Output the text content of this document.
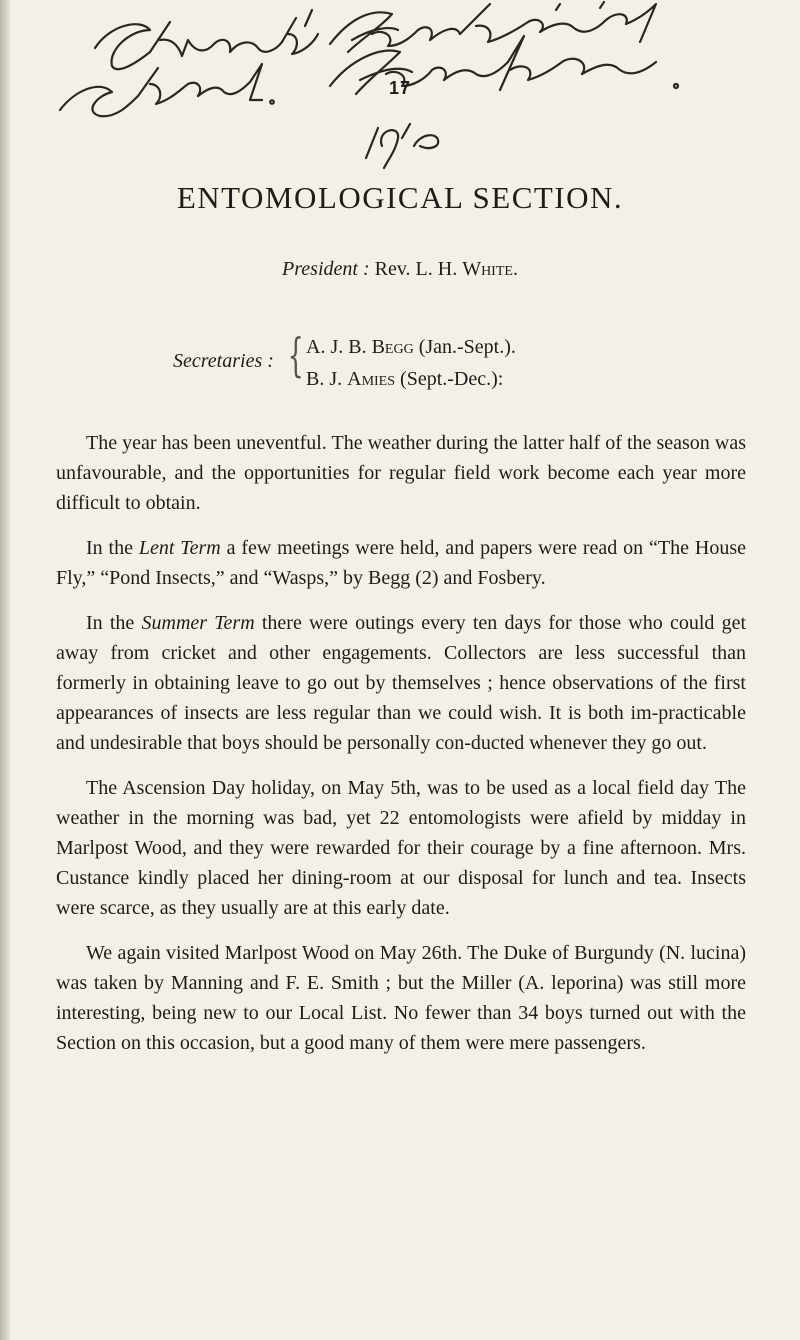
17
ENTOMOLOGICAL SECTION.
President : Rev. L. H. White.
Secretaries : { A. J. B. Begg (Jan.-Sept.).
B. J. Amies (Sept.-Dec.):

The year has been uneventful. The weather during the latter half of the season was unfavourable, and the opportunities for regular field work become each year more difficult to obtain.

In the Lent Term a few meetings were held, and papers were read on “The House Fly,” “Pond Insects,” and “Wasps,” by Begg (2) and Fosbery.

In the Summer Term there were outings every ten days for those who could get away from cricket and other engagements. Collectors are less successful than formerly in obtaining leave to go out by themselves ; hence observations of the first appearances of insects are less regular than we could wish. It is both im-practicable and undesirable that boys should be personally con-ducted whenever they go out.

The Ascension Day holiday, on May 5th, was to be used as a local field day The weather in the morning was bad, yet 22 entomologists were afield by midday in Marlpost Wood, and they were rewarded for their courage by a fine afternoon. Mrs. Custance kindly placed her dining-room at our disposal for lunch and tea. Insects were scarce, as they usually are at this early date.

We again visited Marlpost Wood on May 26th. The Duke of Burgundy (N. lucina) was taken by Manning and F. E. Smith ; but the Miller (A. leporina) was still more interesting, being new to our Local List. No fewer than 34 boys turned out with the Section on this occasion, but a good many of them were mere passengers.
